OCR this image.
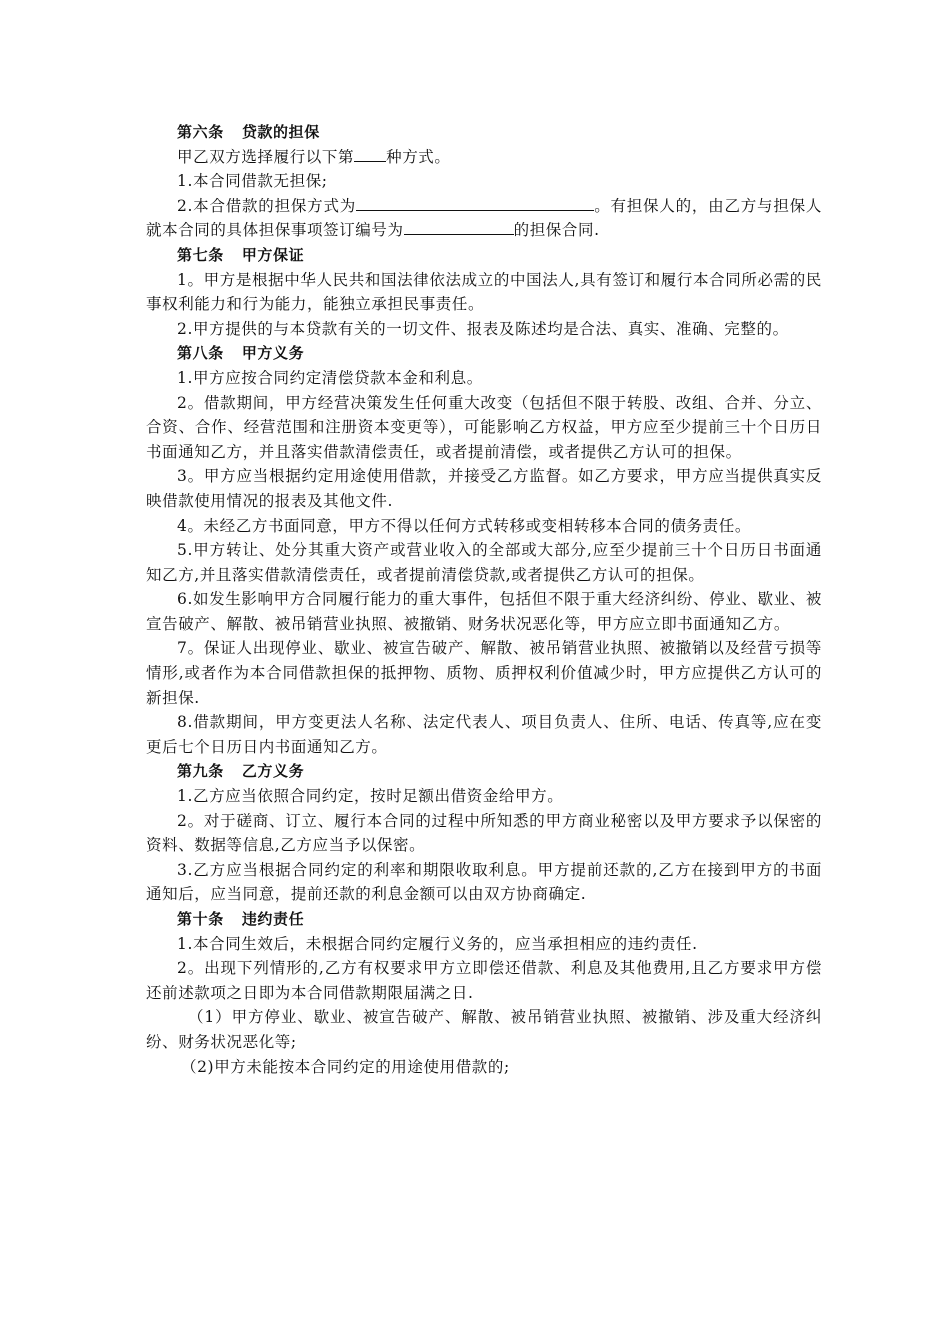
第六条 贷款的担保

甲乙双方选择履行以下第 种方式。

1.本合同借款无担保;

2.本合借款的担保方式为	。有担保人的，由乙方与担保人就本合同的具体担保事项签订编号为	的担保合同.

第七条 甲方保证

1。甲方是根据中华人民共和国法律依法成立的中国法人,具有签订和履行本合同所必需的民事权利能力和行为能力，能独立承担民事责任。

2.甲方提供的与本贷款有关的一切文件、报表及陈述均是合法、真实、准确、完整的。

第八条 甲方义务

1.甲方应按合同约定清偿贷款本金和利息。

2。借款期间，甲方经营决策发生任何重大改变（包括但不限于转股、改组、合并、分立、合资、合作、经营范围和注册资本变更等），可能影响乙方权益，甲方应至少提前三十个日历日书面通知乙方，并且落实借款清偿责任，或者提前清偿，或者提供乙方认可的担保。

3。甲方应当根据约定用途使用借款，并接受乙方监督。如乙方要求，甲方应当提供真实反映借款使用情况的报表及其他文件.

4。未经乙方书面同意，甲方不得以任何方式转移或变相转移本合同的债务责任。

5.甲方转让、处分其重大资产或营业收入的全部或大部分,应至少提前三十个日历日书面通知乙方,并且落实借款清偿责任，或者提前清偿贷款,或者提供乙方认可的担保。

6.如发生影响甲方合同履行能力的重大事件，包括但不限于重大经济纠纷、停业、歇业、被宣告破产、解散、被吊销营业执照、被撤销、财务状况恶化等，甲方应立即书面通知乙方。

7。保证人出现停业、歇业、被宣告破产、解散、被吊销营业执照、被撤销以及经营亏损等情形,或者作为本合同借款担保的抵押物、质物、质押权利价值减少时，甲方应提供乙方认可的新担保.

8.借款期间，甲方变更法人名称、法定代表人、项目负责人、住所、电话、传真等,应在变更后七个日历日内书面通知乙方。

第九条 乙方义务

1.乙方应当依照合同约定，按时足额出借资金给甲方。

2。对于磋商、订立、履行本合同的过程中所知悉的甲方商业秘密以及甲方要求予以保密的资料、数据等信息,乙方应当予以保密。

3.乙方应当根据合同约定的利率和期限收取利息。甲方提前还款的,乙方在接到甲方的书面通知后，应当同意，提前还款的利息金额可以由双方协商确定.

第十条 违约责任

1.本合同生效后，未根据合同约定履行义务的，应当承担相应的违约责任.

2。出现下列情形的,乙方有权要求甲方立即偿还借款、利息及其他费用,且乙方要求甲方偿还前述款项之日即为本合同借款期限届满之日.

（1）甲方停业、歇业、被宣告破产、解散、被吊销营业执照、被撤销、涉及重大经济纠纷、财务状况恶化等;

（2)甲方未能按本合同约定的用途使用借款的;
